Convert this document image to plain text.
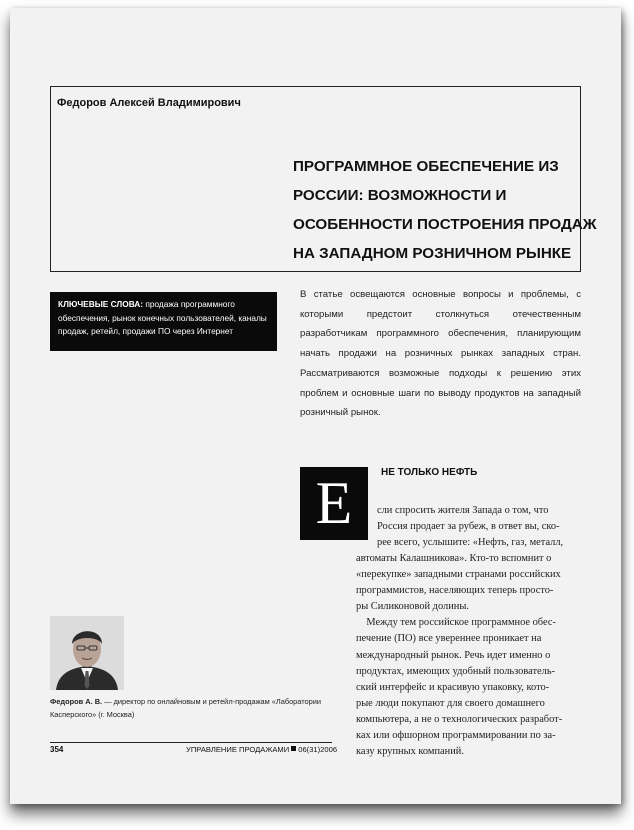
Федоров Алексей Владимирович
ПРОГРАММНОЕ ОБЕСПЕЧЕНИЕ ИЗ
РОССИИ: ВОЗМОЖНОСТИ И
ОСОБЕННОСТИ ПОСТРОЕНИЯ ПРОДАЖ
НА ЗАПАДНОМ РОЗНИЧНОМ РЫНКЕ
КЛЮЧЕВЫЕ СЛОВА: продажа программного обеспечения, рынок конечных пользователей, каналы продаж, ретейл, продажи ПО через Интернет
В статье освещаются основные вопросы и проблемы, с которыми предстоит столкнуться отечественным разработчикам программного обеспечения, планирующим начать продажи на розничных рынках западных стран. Рассматриваются возможные подходы к решению этих проблем и основные шаги по выводу продуктов на западный розничный рынок.
Е	НЕ ТОЛЬКО НЕФТЬ
сли спросить жителя Запада о том, что
Россия продает за рубеж, в ответ вы, ско-
рее всего, услышите: «Нефть, газ, металл,
автоматы Калашникова». Кто-то вспомнит о
«перекупке» западными странами российских
программистов, населяющих теперь просто-
ры Силиконовой долины.
Между тем российское программное обес-
печение (ПО) все увереннее проникает на
международный рынок. Речь идет именно о
продуктах, имеющих удобный пользователь-
ский интерфейс и красивую упаковку, кото-
рые люди покупают для своего домашнего
компьютера, а не о технологических разработ-
ках или офшорном программировании по за-
казу крупных компаний.
Федоров А. В. — директор по онлайновым и ретейл-продажам «Лаборатории Касперского» (г. Москва)
354	УПРАВЛЕНИЕ ПРОДАЖАМИ 06(31)2006
